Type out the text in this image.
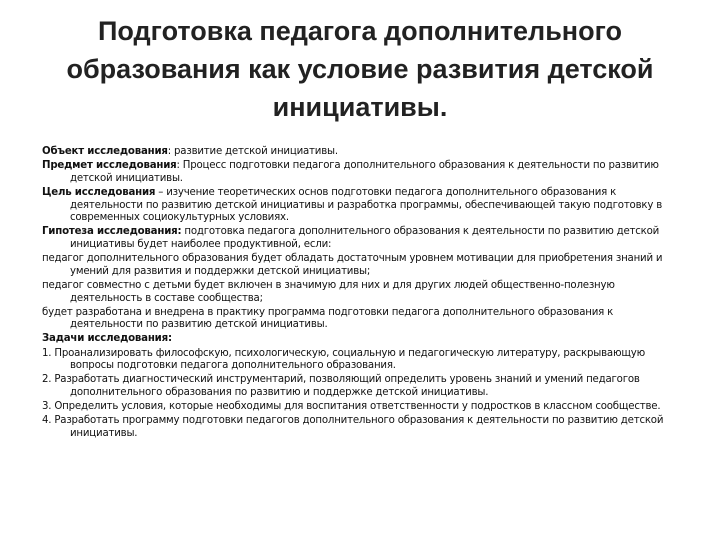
Подготовка педагога дополнительного образования как условие развития детской инициативы.

Объект исследования: развитие детской инициативы.

Предмет исследования: Процесс подготовки педагога дополнительного образования к деятельности по развитию детской инициативы.

Цель исследования – изучение теоретических основ подготовки педагога дополнительного образования к деятельности по развитию детской инициативы и разработка программы, обеспечивающей такую подготовку в современных социокультурных условиях.

Гипотеза исследования: подготовка педагога дополнительного образования к деятельности по развитию детской инициативы будет наиболее продуктивной, если:

педагог дополнительного образования будет обладать достаточным уровнем мотивации для приобретения знаний и умений для развития и поддержки детской инициативы;

педагог совместно с детьми будет включен в значимую для них и для других людей общественно-полезную деятельность в составе сообщества;

будет разработана и внедрена в практику программа подготовки педагога дополнительного образования к деятельности по развитию детской инициативы.

Задачи исследования:

1. Проанализировать философскую, психологическую, социальную и педагогическую литературу, раскрывающую вопросы подготовки педагога дополнительного образования.

2. Разработать диагностический инструментарий, позволяющий определить уровень знаний и умений педагогов дополнительного образования по развитию и поддержке детской инициативы.

3. Определить условия, которые необходимы для воспитания ответственности у подростков в классном сообществе.

4. Разработать программу подготовки педагогов дополнительного образования к деятельности по развитию детской инициативы.
